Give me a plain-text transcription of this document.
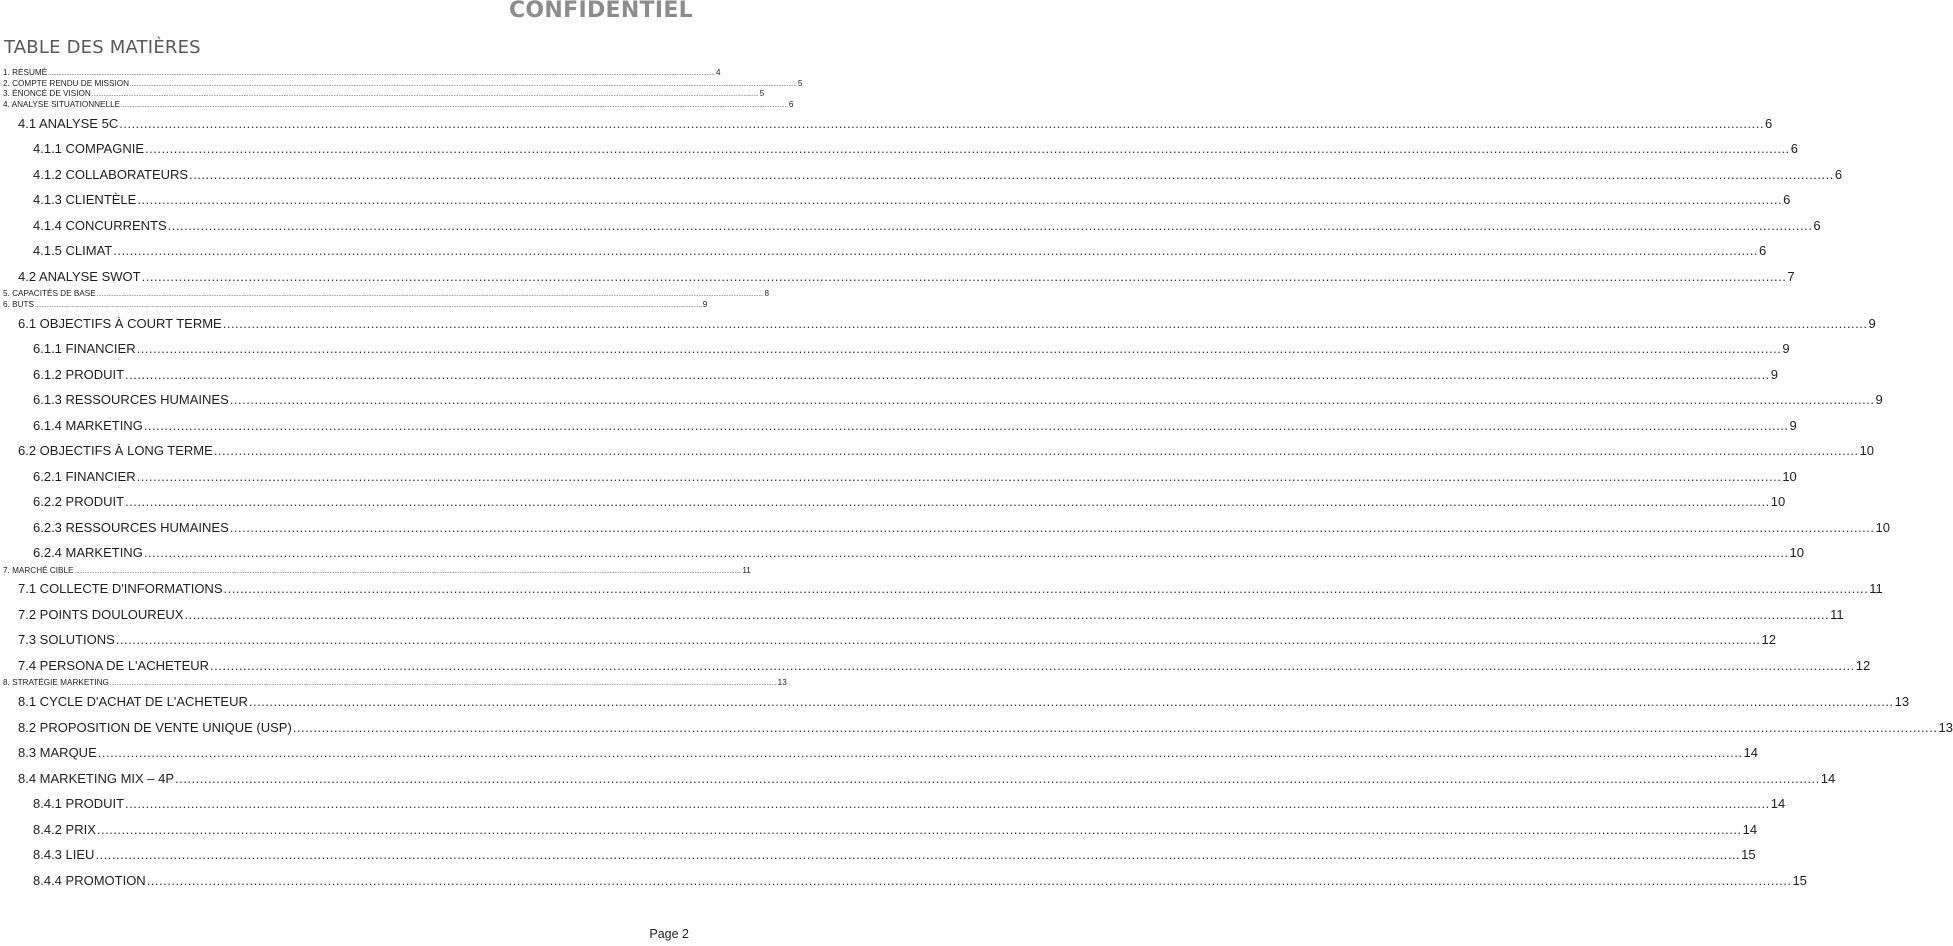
CONFIDENTIEL
TABLE DES MATIÈRES
1. RÉSUMÉ ................................................................................................................................................................................................................................................................................................................................................................................................................ 4
2. COMPTE RENDU DE MISSION ................................................................................................................................................................................................................................................................................................................................................................................................................ 5
3. ÉNONCÉ DE VISION ................................................................................................................................................................................................................................................................................................................................................................................................................ 5
4. ANALYSE SITUATIONNELLE ................................................................................................................................................................................................................................................................................................................................................................................................................ 6
4.1 ANALYSE 5C ................................................................................................................................................................................................................................................................................................................................................................................................................ 6
4.1.1 COMPAGNIE ................................................................................................................................................................................................................................................................................................................................................................................................................ 6
4.1.2 COLLABORATEURS ................................................................................................................................................................................................................................................................................................................................................................................................................ 6
4.1.3 CLIENTÈLE ................................................................................................................................................................................................................................................................................................................................................................................................................ 6
4.1.4 CONCURRENTS ................................................................................................................................................................................................................................................................................................................................................................................................................ 6
4.1.5 CLIMAT ................................................................................................................................................................................................................................................................................................................................................................................................................ 6
4.2 ANALYSE SWOT ................................................................................................................................................................................................................................................................................................................................................................................................................ 7
5. CAPACITÉS DE BASE ................................................................................................................................................................................................................................................................................................................................................................................................................ 8
6. BUTS ................................................................................................................................................................................................................................................................................................................................................................................................................ 9
6.1 OBJECTIFS À COURT TERME ................................................................................................................................................................................................................................................................................................................................................................................................................ 9
6.1.1 FINANCIER ................................................................................................................................................................................................................................................................................................................................................................................................................ 9
6.1.2 PRODUIT ................................................................................................................................................................................................................................................................................................................................................................................................................ 9
6.1.3 RESSOURCES HUMAINES ................................................................................................................................................................................................................................................................................................................................................................................................................ 9
6.1.4 MARKETING ................................................................................................................................................................................................................................................................................................................................................................................................................ 9
6.2 OBJECTIFS À LONG TERME ................................................................................................................................................................................................................................................................................................................................................................................................................ 10
6.2.1 FINANCIER ................................................................................................................................................................................................................................................................................................................................................................................................................ 10
6.2.2 PRODUIT ................................................................................................................................................................................................................................................................................................................................................................................................................ 10
6.2.3 RESSOURCES HUMAINES ................................................................................................................................................................................................................................................................................................................................................................................................................ 10
6.2.4 MARKETING ................................................................................................................................................................................................................................................................................................................................................................................................................ 10
7. MARCHÉ CIBLE ................................................................................................................................................................................................................................................................................................................................................................................................................ 11
7.1 COLLECTE D'INFORMATIONS ................................................................................................................................................................................................................................................................................................................................................................................................................ 11
7.2 POINTS DOULOUREUX ................................................................................................................................................................................................................................................................................................................................................................................................................ 11
7.3 SOLUTIONS ................................................................................................................................................................................................................................................................................................................................................................................................................ 12
7.4 PERSONA DE L'ACHETEUR ................................................................................................................................................................................................................................................................................................................................................................................................................ 12
8. STRATÉGIE MARKETING ................................................................................................................................................................................................................................................................................................................................................................................................................ 13
8.1 CYCLE D'ACHAT DE L'ACHETEUR ................................................................................................................................................................................................................................................................................................................................................................................................................ 13
8.2 PROPOSITION DE VENTE UNIQUE (USP) ................................................................................................................................................................................................................................................................................................................................................................................................................ 13
8.3 MARQUE ................................................................................................................................................................................................................................................................................................................................................................................................................ 14
8.4 MARKETING MIX – 4P ................................................................................................................................................................................................................................................................................................................................................................................................................ 14
8.4.1 PRODUIT ................................................................................................................................................................................................................................................................................................................................................................................................................ 14
8.4.2 PRIX ................................................................................................................................................................................................................................................................................................................................................................................................................ 14
8.4.3 LIEU ................................................................................................................................................................................................................................................................................................................................................................................................................ 15
8.4.4 PROMOTION ................................................................................................................................................................................................................................................................................................................................................................................................................ 15
Page 2
